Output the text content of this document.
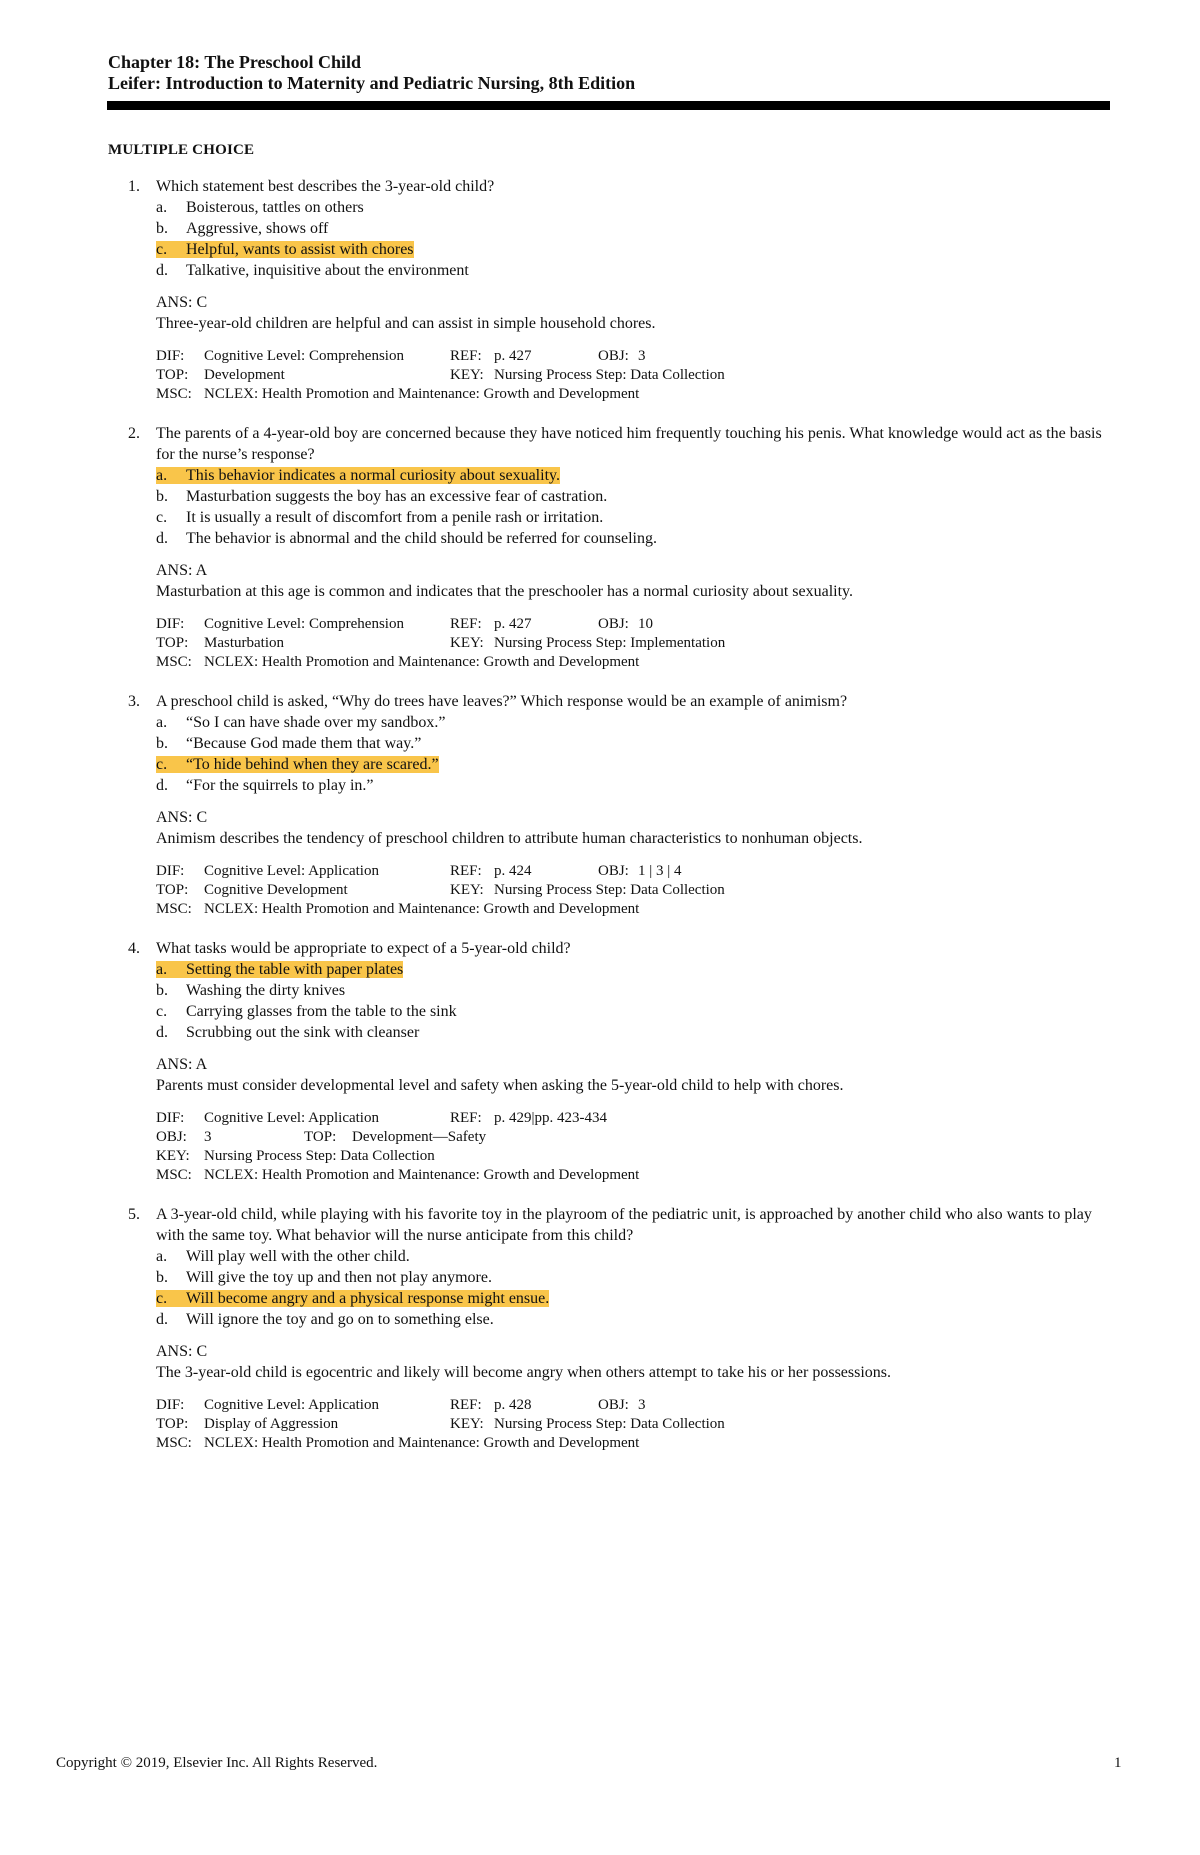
Chapter 18: The Preschool Child
Leifer: Introduction to Maternity and Pediatric Nursing, 8th Edition
MULTIPLE CHOICE
1. Which statement best describes the 3-year-old child?
a. Boisterous, tattles on others
b. Aggressive, shows off
c. Helpful, wants to assist with chores
d. Talkative, inquisitive about the environment
ANS: C
Three-year-old children are helpful and can assist in simple household chores.
DIF: Cognitive Level: Comprehension	REF: p. 427	OBJ: 3
TOP: Development	KEY: Nursing Process Step: Data Collection
MSC: NCLEX: Health Promotion and Maintenance: Growth and Development
2. The parents of a 4-year-old boy are concerned because they have noticed him frequently touching his penis. What knowledge would act as the basis for the nurse’s response?
a. This behavior indicates a normal curiosity about sexuality.
b. Masturbation suggests the boy has an excessive fear of castration.
c. It is usually a result of discomfort from a penile rash or irritation.
d. The behavior is abnormal and the child should be referred for counseling.
ANS: A
Masturbation at this age is common and indicates that the preschooler has a normal curiosity about sexuality.
DIF: Cognitive Level: Comprehension	REF: p. 427	OBJ: 10
TOP: Masturbation	KEY: Nursing Process Step: Implementation
MSC: NCLEX: Health Promotion and Maintenance: Growth and Development
3. A preschool child is asked, “Why do trees have leaves?” Which response would be an example of animism?
a. “So I can have shade over my sandbox.”
b. “Because God made them that way.”
c. “To hide behind when they are scared.”
d. “For the squirrels to play in.”
ANS: C
Animism describes the tendency of preschool children to attribute human characteristics to nonhuman objects.
DIF: Cognitive Level: Application	REF: p. 424	OBJ: 1 | 3 | 4
TOP: Cognitive Development	KEY: Nursing Process Step: Data Collection
MSC: NCLEX: Health Promotion and Maintenance: Growth and Development
4. What tasks would be appropriate to expect of a 5-year-old child?
a. Setting the table with paper plates
b. Washing the dirty knives
c. Carrying glasses from the table to the sink
d. Scrubbing out the sink with cleanser
ANS: A
Parents must consider developmental level and safety when asking the 5-year-old child to help with chores.
DIF: Cognitive Level: Application	REF: p. 429|pp. 423-434
OBJ: 3	TOP: Development—Safety
KEY: Nursing Process Step: Data Collection
MSC: NCLEX: Health Promotion and Maintenance: Growth and Development
5. A 3-year-old child, while playing with his favorite toy in the playroom of the pediatric unit, is approached by another child who also wants to play with the same toy. What behavior will the nurse anticipate from this child?
a. Will play well with the other child.
b. Will give the toy up and then not play anymore.
c. Will become angry and a physical response might ensue.
d. Will ignore the toy and go on to something else.
ANS: C
The 3-year-old child is egocentric and likely will become angry when others attempt to take his or her possessions.
DIF: Cognitive Level: Application	REF: p. 428	OBJ: 3
TOP: Display of Aggression	KEY: Nursing Process Step: Data Collection
MSC: NCLEX: Health Promotion and Maintenance: Growth and Development
Copyright © 2019, Elsevier Inc. All Rights Reserved.	1
